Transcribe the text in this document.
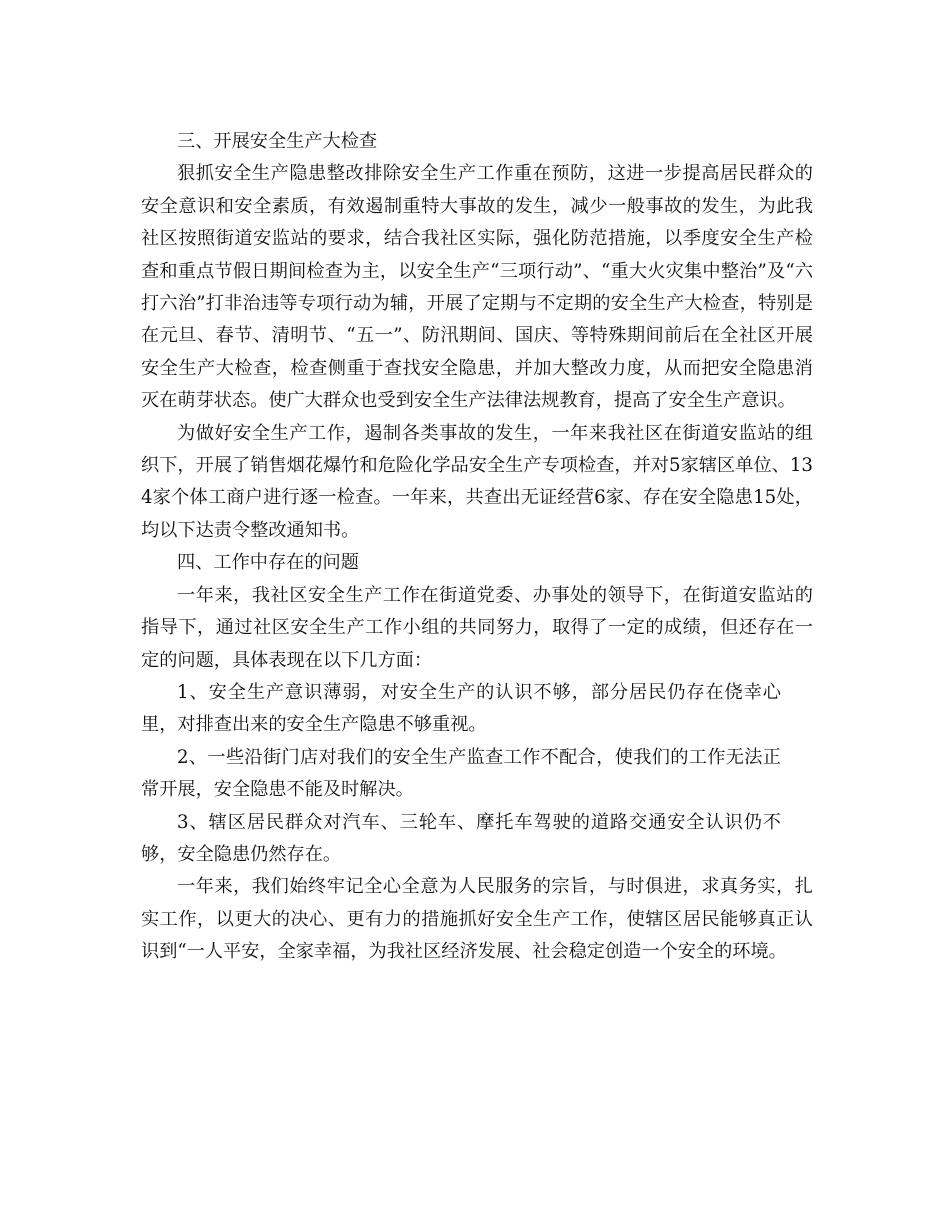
三、开展安全生产大检查

狠抓安全生产隐患整改排除安全生产工作重在预防，这进一步提高居民群众的安全意识和安全素质，有效遏制重特大事故的发生，减少一般事故的发生，为此我社区按照街道安监站的要求，结合我社区实际，强化防范措施，以季度安全生产检查和重点节假日期间检查为主，以安全生产“三项行动”、“重大火灾集中整治”及“六打六治”打非治违等专项行动为辅，开展了定期与不定期的安全生产大检查，特别是在元旦、春节、清明节、“五一”、防汛期间、国庆、等特殊期间前后在全社区开展安全生产大检查，检查侧重于查找安全隐患，并加大整改力度，从而把安全隐患消灭在萌芽状态。使广大群众也受到安全生产法律法规教育，提高了安全生产意识。

为做好安全生产工作，遏制各类事故的发生，一年来我社区在街道安监站的组织下，开展了销售烟花爆竹和危险化学品安全生产专项检查，并对5家辖区单位、134家个体工商户进行逐一检查。一年来，共查出无证经营6家、存在安全隐患15处，均以下达责令整改通知书。

四、工作中存在的问题

一年来，我社区安全生产工作在街道党委、办事处的领导下，在街道安监站的指导下，通过社区安全生产工作小组的共同努力，取得了一定的成绩，但还存在一定的问题，具体表现在以下几方面：

1、安全生产意识薄弱，对安全生产的认识不够，部分居民仍存在侥幸心里，对排查出来的安全生产隐患不够重视。

2、一些沿街门店对我们的安全生产监查工作不配合，使我们的工作无法正常开展，安全隐患不能及时解决。

3、辖区居民群众对汽车、三轮车、摩托车驾驶的道路交通安全认识仍不够，安全隐患仍然存在。

一年来，我们始终牢记全心全意为人民服务的宗旨，与时俱进，求真务实，扎实工作，以更大的决心、更有力的措施抓好安全生产工作，使辖区居民能够真正认识到“一人平安，全家幸福，为我社区经济发展、社会稳定创造一个安全的环境。
